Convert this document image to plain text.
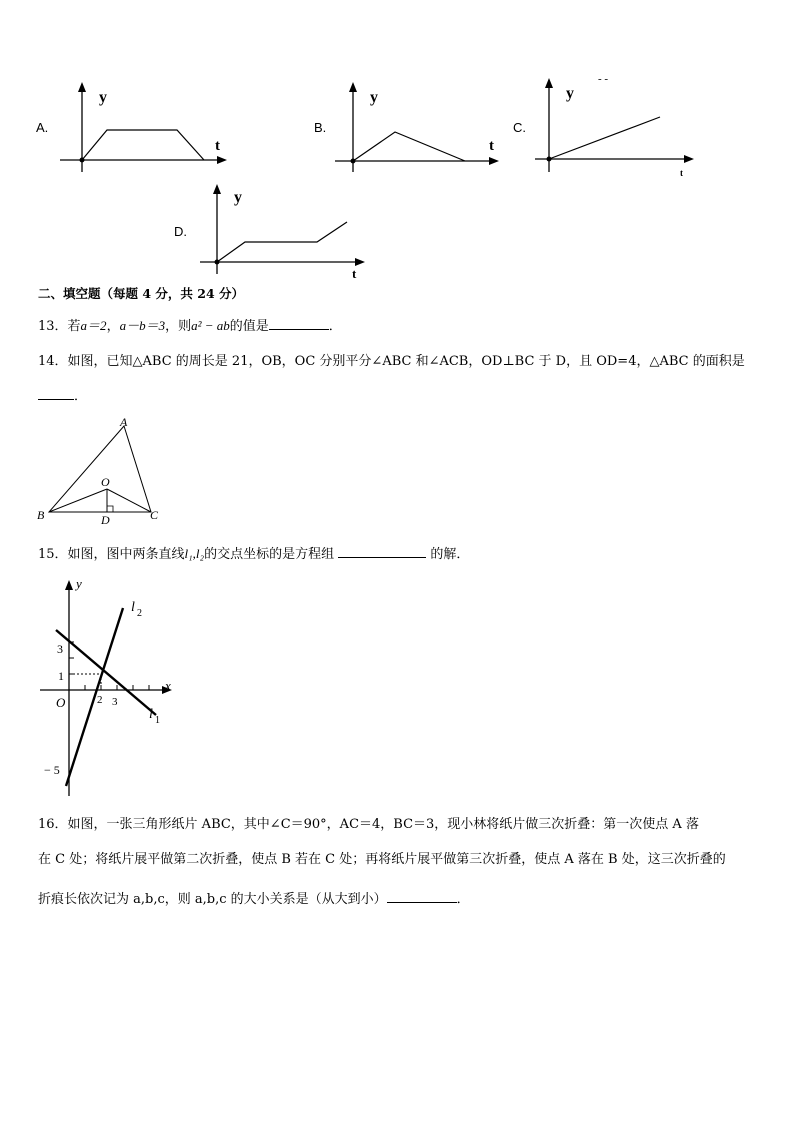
A.
y
t
B.
y
t
C.
y
- -
t
D.
y
t
二、填空题（每题 4 分，共 24 分）
13．若a＝2，a－b＝3，则a² − ab的值是	．
14．如图，已知△ABC 的周长是 21，OB，OC 分别平分∠ABC 和∠ACB，OD⊥BC 于 D，且 OD=4，△ABC 的面积是
．
A
B	C
O
D
15．如图，图中两条直线l₁,l₂的交点坐标的是方程组	的解．
y
x
O
3
1
− 5
2 3
l 2
l 1
16．如图，一张三角形纸片 ABC，其中∠C＝90°，AC＝4，BC＝3，现小林将纸片做三次折叠：第一次使点 A 落
在 C 处；将纸片展平做第二次折叠，使点 B 若在 C 处；再将纸片展平做第三次折叠，使点 A 落在 B 处，这三次折叠的
折痕长依次记为 a,b,c，则 a,b,c 的大小关系是（从大到小）	．
